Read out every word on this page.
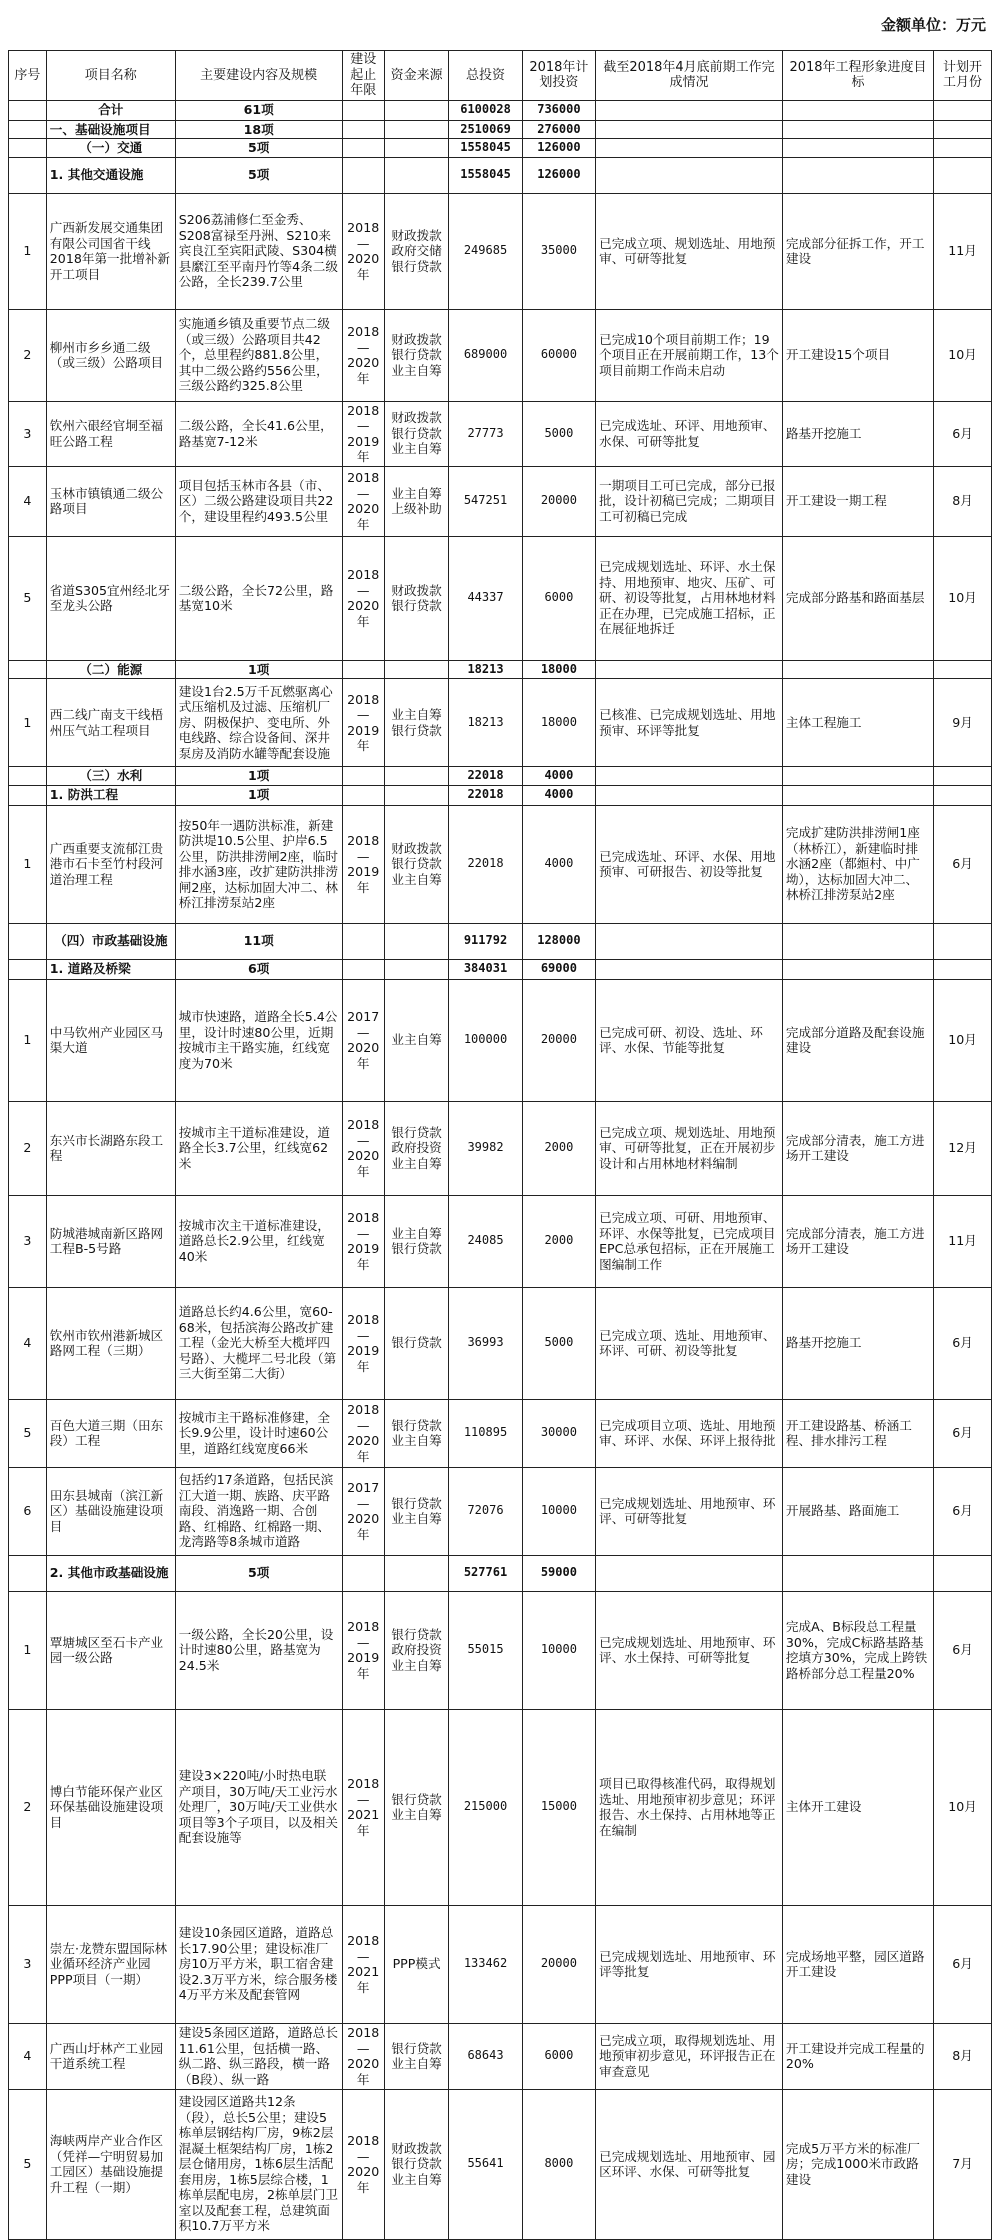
金额单位：万元
序号	项目名称	主要建设内容及规模	建设起止年限	资金来源	总投资	2018年计划投资	截至2018年4月底前期工作完成情况	2018年工程形象进度目标	计划开工月份
	合计	61项			6100028	736000			
	一、基础设施项目	18项			2510069	276000			
	（一）交通	5项			1558045	126000			
	1. 其他交通设施	5项			1558045	126000			
1	广西新发展交通集团有限公司国省干线2018年第一批增补新开工项目	S206荔浦修仁至金秀、S208富禄至丹洲、S210来宾良江至宾阳武陵、S304横县縻江至平南丹竹等4条二级公路，全长239.7公里	2018—2020年	财政拨款政府交储银行贷款	249685	35000	已完成立项、规划选址、用地预审、可研等批复	完成部分征拆工作，开工建设	11月
2	柳州市乡乡通二级（或三级）公路项目	实施通乡镇及重要节点二级（或三级）公路项目共42个，总里程约881.8公里，其中二级公路约556公里，三级公路约325.8公里	2018—2020年	财政拨款银行贷款业主自筹	689000	60000	已完成10个项目前期工作；19个项目正在开展前期工作，13个项目前期工作尚未启动	开工建设15个项目	10月
3	钦州六硍经官垌至福旺公路工程	二级公路，全长41.6公里，路基宽7-12米	2018—2019年	财政拨款银行贷款业主自筹	27773	5000	已完成选址、环评、用地预审、水保、可研等批复	路基开挖施工	6月
4	玉林市镇镇通二级公路项目	项目包括玉林市各县（市、区）二级公路建设项目共22个，建设里程约493.5公里	2018—2020年	业主自筹上级补助	547251	20000	一期项目工可已完成，部分已报批，设计初稿已完成；二期项目工可初稿已完成	开工建设一期工程	8月
5	省道S305宜州经北牙至龙头公路	二级公路，全长72公里，路基宽10米	2018—2020年	财政拨款银行贷款	44337	6000	已完成规划选址、环评、水土保持、用地预审、地灾、压矿、可研、初设等批复，占用林地材料正在办理，已完成施工招标，正在展征地拆迁	完成部分路基和路面基层	10月
	（二）能源	1项			18213	18000			
1	西二线广南支干线梧州压气站工程项目	建设1台2.5万千瓦燃驱离心式压缩机及过滤、压缩机厂房、阴极保护、变电所、外电线路、综合设备间、深井泵房及消防水罐等配套设施	2018—2019年	业主自筹银行贷款	18213	18000	已核准、已完成规划选址、用地预审、环评等批复	主体工程施工	9月
	（三）水利	1项			22018	4000			
	1. 防洪工程	1项			22018	4000			
1	广西重要支流郁江贵港市石卡至竹村段河道治理工程	按50年一遇防洪标准，新建防洪堤10.5公里、护岸6.5公里，防洪排涝闸2座，临时排水涵3座，改扩建防洪排涝闸2座，达标加固大冲二、林桥江排涝泵站2座	2018—2019年	财政拨款银行贷款业主自筹	22018	4000	已完成选址、环评、水保、用地预审、可研报告、初设等批复	完成扩建防洪排涝闸1座（林桥江），新建临时排水涵2座（都縆村、中广坳），达标加固大冲二、林桥江排涝泵站2座	6月
	（四）市政基础设施	11项			911792	128000			
	1. 道路及桥梁	6项			384031	69000			
1	中马钦州产业园区马渠大道	城市快速路，道路全长5.4公里，设计时速80公里，近期按城市主干路实施，红线宽度为70米	2017—2020年	业主自筹	100000	20000	已完成可研、初设、选址、环评、水保、节能等批复	完成部分道路及配套设施建设	10月
2	东兴市长湖路东段工程	按城市主干道标准建设，道路全长3.7公里，红线宽62米	2018—2020年	银行贷款政府投资业主自筹	39982	2000	已完成立项、规划选址、用地预审、可研等批复，正在开展初步设计和占用林地材料编制	完成部分清表，施工方进场开工建设	12月
3	防城港城南新区路网工程B-5号路	按城市次主干道标准建设，道路总长2.9公里，红线宽40米	2018—2019年	业主自筹银行贷款	24085	2000	已完成立项、可研、用地预审、环评、水保等批复，已完成项目EPC总承包招标，正在开展施工图编制工作	完成部分清表，施工方进场开工建设	11月
4	钦州市钦州港新城区路网工程（三期）	道路总长约4.6公里，宽60-68米，包括滨海公路改扩建工程（金光大桥至大榄坪四号路）、大榄坪二号北段（第三大街至第二大街）	2018—2019年	银行贷款	36993	5000	已完成立项、选址、用地预审、环评、可研、初设等批复	路基开挖施工	6月
5	百色大道三期（田东段）工程	按城市主干路标准修建，全长9.9公里，设计时速60公里，道路红线宽度66米	2018—2020年	银行贷款业主自筹	110895	30000	已完成项目立项、选址、用地预审、环评、水保、环评上报待批	开工建设路基、桥涵工程、排水排污工程	6月
6	田东县城南（滨江新区）基础设施建设项目	包括约17条道路，包括民滨江大道一期、族路、庆平路南段、消逸路一期、合创路、红棉路、红棉路一期、龙湾路等8条城市道路	2017—2020年	银行贷款业主自筹	72076	10000	已完成规划选址、用地预审、环评、可研等批复	开展路基、路面施工	6月
	2. 其他市政基础设施	5项			527761	59000			
1	覃塘城区至石卡产业园一级公路	一级公路，全长20公里，设计时速80公里，路基宽为24.5米	2018—2019年	银行贷款政府投资业主自筹	55015	10000	已完成规划选址、用地预审、环评、水土保持、可研等批复	完成A、B标段总工程量30%，完成C标路基路基挖填方30%，完成上跨铁路桥部分总工程量20%	6月
2	博白节能环保产业区环保基础设施建设项目	建设3×220吨/小时热电联产项目，30万吨/天工业污水处理厂，30万吨/天工业供水项目等3个子项目，以及相关配套设施等	2018—2021年	银行贷款业主自筹	215000	15000	项目已取得核准代码，取得规划选址、用地预审初步意见；环评报告、水土保持、占用林地等正在编制	主体开工建设	10月
3	崇左·龙赞东盟国际林业循环经济产业园PPP项目（一期）	建设10条园区道路，道路总长17.90公里；建设标准厂房10万平方米，职工宿舍建设2.3万平方米，综合服务楼4万平方米及配套管网	2018—2021年	PPP模式	133462	20000	已完成规划选址、用地预审、环评等批复	完成场地平整，园区道路开工建设	6月
4	广西山圩林产工业园干道系统工程	建设5条园区道路，道路总长11.61公里，包括横一路、纵二路、纵三路段，横一路（B段）、纵一路	2018—2020年	银行贷款业主自筹	68643	6000	已完成立项，取得规划选址、用地预审初步意见，环评报告正在审查意见	开工建设并完成工程量的20%	8月
5	海峡两岸产业合作区（凭祥—宁明贸易加工园区）基础设施提升工程（一期）	建设园区道路共12条（段），总长5公里；建设5栋单层钢结构厂房，9栋2层混凝土框架结构厂房，1栋2层仓储用房，1栋6层生活配套用房，1栋5层综合楼，1栋单层配电房，2栋单层门卫室以及配套工程，总建筑面积10.7万平方米	2018—2020年	财政拨款银行贷款业主自筹	55641	8000	已完成规划选址、用地预审、园区环评、水保、可研等批复	完成5万平方米的标准厂房；完成1000米市政路建设	7月
